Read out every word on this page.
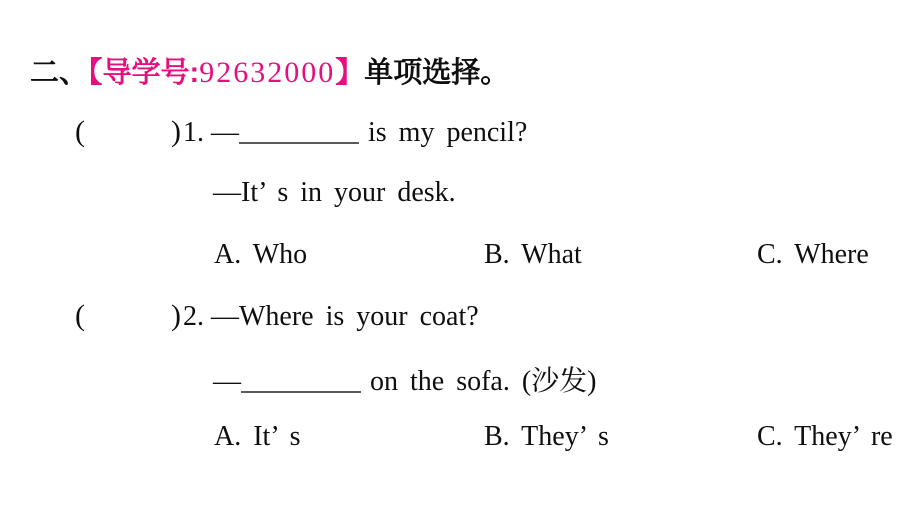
二、【导学号:92632000】单项选择。
(	)1. —	is my pencil?
—It’ s in your desk.
A. Who	B. What	C. Where
(	)2. —Where is your coat?
—	on the sofa. (沙发)
A. It’ s	B. They’ s	C. They’ re
